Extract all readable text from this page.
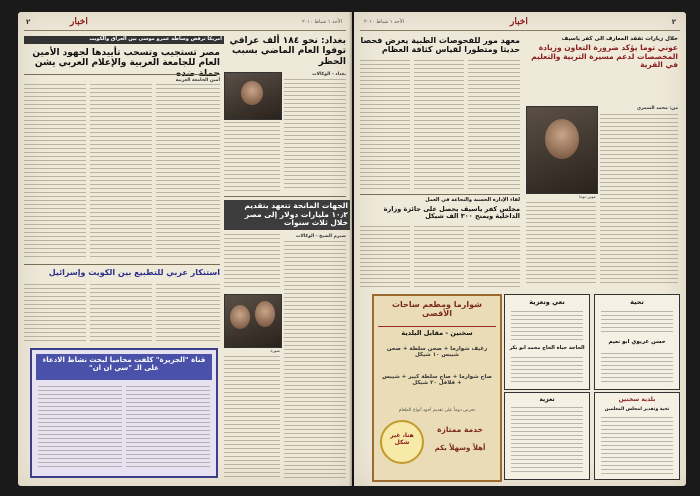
٢	اخبار	الأحد ١ شباط ٢٠١٠
امريكا ترفض وساطة عمرو موسى بين العراق والكويت
مصر تستجيب وتسحب تأييدها لجهود الأمين العام للجامعة العربية والإعلام العربي يشن
أمين الجامعة العربية
بغداد: نحو ١٨٤ ألف عراقي توفوا العام الماضي بسبب الحظر
بغداد - الوكالات
الجهات المانحة تتعهد بتقديم ١٠٫٢ مليارات دولار إلى مصر خلال ثلاث سنوات
شيرم الشيخ - الوكالات
صورة
استنكار عربي للتطبيع بين الكويت وإسرائيل
قناة "الجزيرة" كلفت محاميا لبحث نشاط الادعاء على الـ "سي ان ان"
الأحد ١ شباط ٢٠١٠	اخبار	٢
خلال زيارات تفقد المعارف الى كفر ياسيف
عوني توما يؤكد ضرورة التعاون وزيادة المخصصات لدعم مسيرة التربية والتعليم في القرية
عوني توما
من: محمد الشمري
معهد مور للفحوصات الطبية يعرض فحصا حديثا ومتطورا لقياس كثافة العظام
لقاء الإدارة الحسنة والنجاعة في العمل
مجلس كفر ياسيف يحصل على جائزة وزارة الداخلية ويمنح ٣٠٠ الف شيكل
شوارما ومطعم ساحات الأقصى
سخنين - مقابل البلدية
رغيف شوارما + صحن سلطة + صحن شيبس ١٠ شيكل
صاج شوارما + صاج سلطة كبير + شيبس + فلافل ٢٠ شيكل
نحرص دوماً على تقديم أجود أنواع الطعام
هنا، غير شكل
خدمة ممتازة
أهلاً وسهلاً بكم
نعي وتعزية
الحاجة حياة الحاج محمد ابو بكر
تحية
حسن عريوي ابو نعيم
تعزية	بلدية سخنين
تحية وتقدير لمجلس المعلمين
